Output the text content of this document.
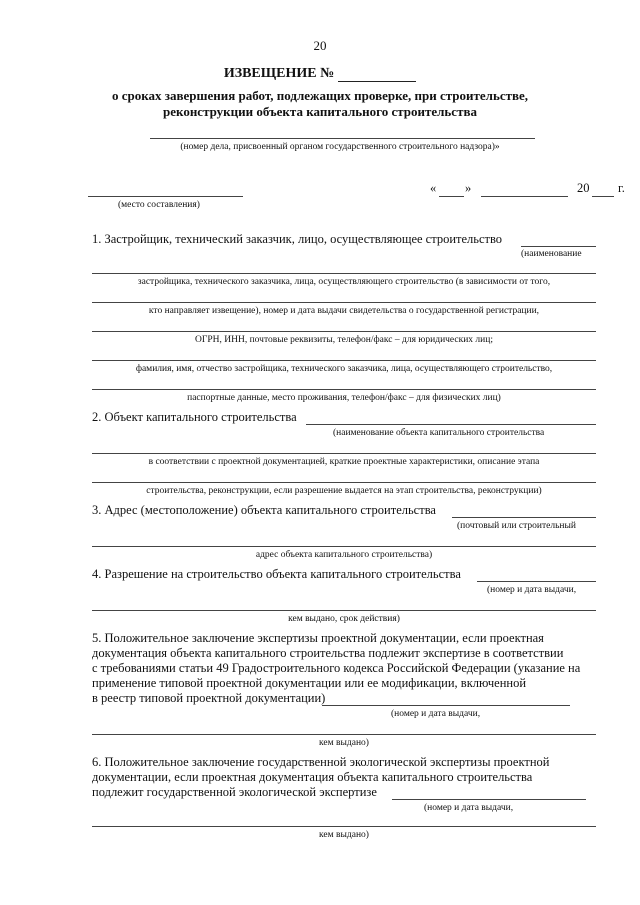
20
ИЗВЕЩЕНИЕ №
о сроках завершения работ, подлежащих проверке, при строительстве,
реконструкции объекта капитального строительства
(номер дела, присвоенный органом государственного строительного надзора)»
(место составления)
« »	20 г.
1. Застройщик, технический заказчик, лицо, осуществляющее строительство
(наименование
застройщика, технического заказчика, лица, осуществляющего строительство (в зависимости от того,
кто направляет извещение), номер и дата выдачи свидетельства о государственной регистрации,
ОГРН, ИНН, почтовые реквизиты, телефон/факс – для юридических лиц;
фамилия, имя, отчество застройщика, технического заказчика, лица, осуществляющего строительство,
паспортные данные, место проживания, телефон/факс – для физических лиц)
2. Объект капитального строительства
(наименование объекта капитального строительства
в соответствии с проектной документацией, краткие проектные характеристики, описание этапа
строительства, реконструкции, если разрешение выдается на этап строительства, реконструкции)
3. Адрес (местоположение) объекта капитального строительства
(почтовый или строительный
адрес объекта капитального строительства)
4. Разрешение на строительство объекта капитального строительства
(номер и дата выдачи,
кем выдано, срок действия)
5. Положительное заключение экспертизы проектной документации, если проектная
документация объекта капитального строительства подлежит экспертизе в соответствии
с требованиями статьи 49 Градостроительного кодекса Российской Федерации (указание на
применение типовой проектной документации или ее модификации, включенной
в реестр типовой проектной документации)
(номер и дата выдачи,
кем выдано)
6. Положительное заключение государственной экологической экспертизы проектной
документации, если проектная документация объекта капитального строительства
подлежит государственной экологической экспертизе
(номер и дата выдачи,
кем выдано)
